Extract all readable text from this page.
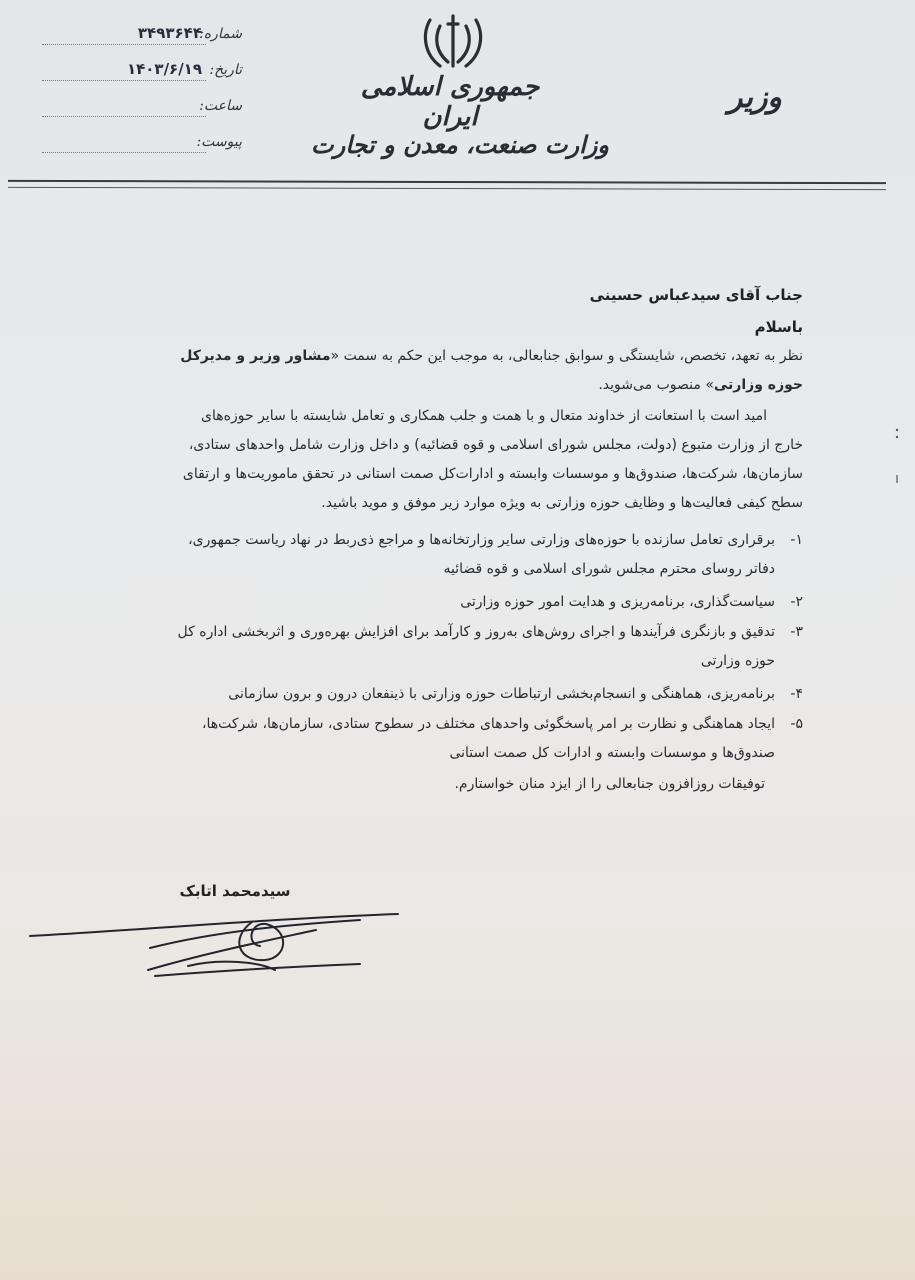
شماره:
۳۴۹۳۶۴۴
تاریخ:
۱۴۰۳/۶/۱۹
ساعت:
پیوست:
جمهوری اسلامی ایران
وزارت صنعت، معدن و تجارت
وزیر
جناب آقای سیدعباس حسینی
باسلام
نظر به تعهد، تخصص، شایستگی و سوابق جنابعالی، به موجب این حکم به سمت «مشاور وزیر و مدیرکل
حوزه وزارتی» منصوب می‌شوید.
امید است با استعانت از خداوند متعال و با همت و جلب همکاری و تعامل شایسته با سایر حوزه‌های
خارج از وزارت متبوع (دولت، مجلس شورای اسلامی و قوه قضائیه) و داخل وزارت شامل واحدهای ستادی،
سازمان‌ها، شرکت‌ها، صندوق‌ها و موسسات وابسته و ادارات‌کل صمت استانی در تحقق ماموریت‌ها و ارتقای
سطح کیفی فعالیت‌ها و وظایف حوزه وزارتی به ویژه موارد زیر موفق و موید باشید.
۱-برقراری تعامل سازنده با حوزه‌های وزارتی سایر وزارتخانه‌ها و مراجع ذی‌ربط در نهاد ریاست جمهوری،
دفاتر روسای محترم مجلس شورای اسلامی و قوه قضائیه
۲-سیاست‌گذاری، برنامه‌ریزی و هدایت امور حوزه وزارتی
۳-تدقیق و بازنگری فرآیندها و اجرای روش‌های به‌روز و کارآمد برای افزایش بهره‌وری و اثربخشی اداره کل
حوزه وزارتی
۴-برنامه‌ریزی، هماهنگی و انسجام‌بخشی ارتباطات حوزه وزارتی با ذینفعان درون و برون سازمانی
۵-ایجاد هماهنگی و نظارت بر امر پاسخگوئی واحدهای مختلف در سطوح ستادی، سازمان‌ها، شرکت‌ها،
صندوق‌ها و موسسات وابسته و ادارات کل صمت استانی
توفیقات روزافزون جنابعالی را از ایزد منان خواستارم.
سیدمحمد اتابک
